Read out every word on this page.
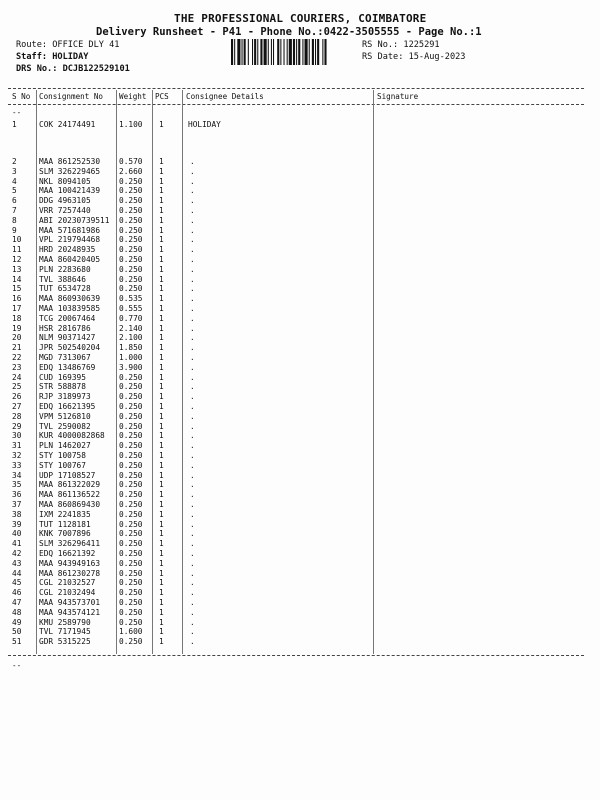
THE PROFESSIONAL COURIERS, COIMBATORE
Delivery Runsheet - P41 - Phone No.:0422-3505555 - Page No.:1
Route: OFFICE DLY 41
Staff: HOLIDAY
DRS No.: DCJB122529101
RS No.: 1225291
RS Date: 15-Aug-2023
S No Consignment No Weight PCS Consignee Details	Signature
--
1	COK 24174491	1.100 1	HOLIDAY
2	MAA 861252530 0.570 1	.
3	SLM 326229465 2.660 1	.
4	NKL 8094105	0.250 1	.
5	MAA 100421439 0.250 1	.
6	DDG 4963105	0.250 1	.
7	VRR 7257440	0.250 1	.
8	ABI 20230739511 0.250 1	.
9	MAA 571681986 0.250 1	.
10 VPL 219794468 0.250 1	.
11 HRD 20248935	0.250 1	.
12 MAA 860420405 0.250 1	.
13 PLN 2283680	0.250 1	.
14 TVL 388646	0.250 1	.
15 TUT 6534728	0.250 1	.
16 MAA 860930639 0.535 1	.
17 MAA 103839585 0.555 1	.
18 TCG 20067464	0.770 1	.
19 HSR 2816786	2.140 1	.
20 NLM 90371427	2.100 1	.
21 JPR 502540204 1.850 1	.
22 MGD 7313067	1.000 1	.
23 EDQ 13486769	3.900 1	.
24 CUD 169395	0.250 1	.
25 STR 588878	0.250 1	.
26 RJP 3189973	0.250 1	.
27 EDQ 16621395	0.250 1	.
28 VPM 5126810	0.250 1	.
29 TVL 2590082	0.250 1	.
30 KUR 4000082868 0.250 1	.
31 PLN 1462027	0.250 1	.
32 STY 100758	0.250 1	.
33 STY 100767	0.250 1	.
34 UDP 17108527	0.250 1	.
35 MAA 861322029 0.250 1	.
36 MAA 861136522 0.250 1	.
37 MAA 860869430 0.250 1	.
38 IXM 2241835	0.250 1	.
39 TUT 1128181	0.250 1	.
40 KNK 7007896	0.250 1	.
41 SLM 326296411 0.250 1	.
42 EDQ 16621392	0.250 1	.
43 MAA 943949163 0.250 1	.
44 MAA 861230278 0.250 1	.
45 CGL 21032527	0.250 1	.
46 CGL 21032494	0.250 1	.
47 MAA 943573701 0.250 1	.
48 MAA 943574121 0.250 1	.
49 KMU 2589790	0.250 1	.
50 TVL 7171945	1.600 1	.
51 GDR 5315225	0.250 1	.
--
